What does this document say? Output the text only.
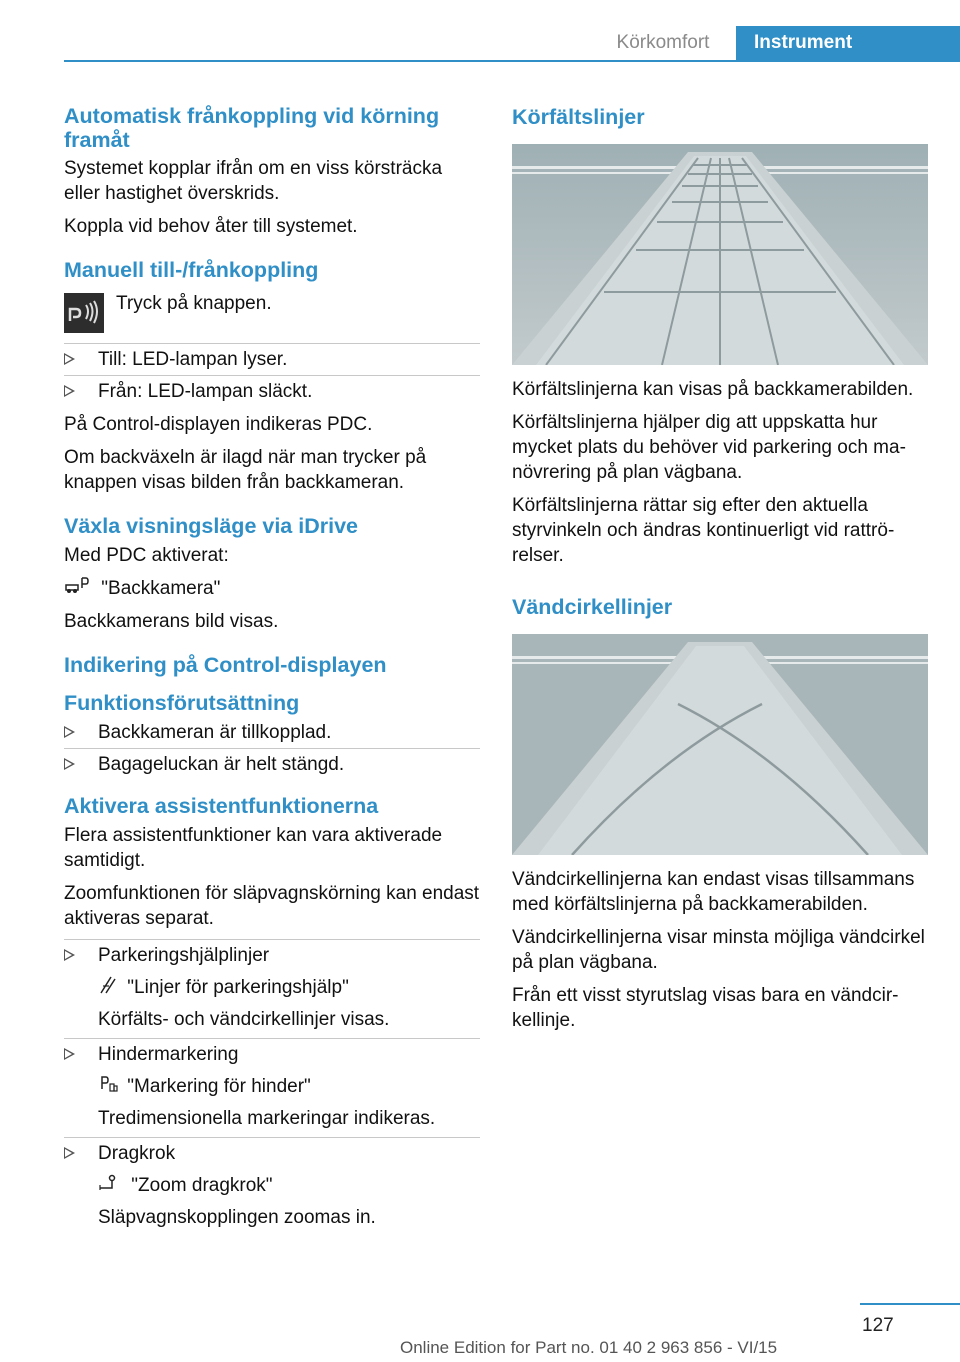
Körkomfort	Instrument
Automatisk frånkoppling vid körning framåt

Systemet kopplar ifrån om en viss körsträcka eller hastighet överskrids.

Koppla vid behov åter till systemet.

Manuell till-/frånkoppling
Tryck på knappen.
Till: LED-lampan lyser.
Från: LED-lampan släckt.

På Control-displayen indikeras PDC.

Om backväxeln är ilagd när man trycker på knappen visas bilden från backkameran.

Växla visningsläge via iDrive

Med PDC aktiverat:

"Backkamera"

Backkamerans bild visas.

Indikering på Control-displayen
Funktionsförutsättning
Backkameran är tillkopplad.
Bagageluckan är helt stängd.
Aktivera assistentfunktionerna

Flera assistentfunktioner kan vara aktiverade samtidigt.

Zoomfunktionen för släpvagnskörning kan endast aktiveras separat.

Parkeringshjälplinjer
"Linjer för parkeringshjälp"
Körfälts- och vändcirkellinjer visas.
Hindermarkering
"Markering för hinder"
Tredimensionella markeringar indikeras.
Dragkrok
"Zoom dragkrok"
Släpvagnskopplingen zoomas in.
Körfältslinjer

Körfältslinjerna kan visas på backkamerabilden.

Körfältslinjerna hjälper dig att uppskatta hur mycket plats du behöver vid parkering och manövrering på plan vägbana.

Körfältslinjerna rättar sig efter den aktuella styrvinkeln och ändras kontinuerligt vid rattrörelser.

Vändcirkellinjer

Vändcirkellinjerna kan endast visas tillsammans med körfältslinjerna på backkamerabilden.

Vändcirkellinjerna visar minsta möjliga vändcirkel på plan vägbana.

Från ett visst styrutslag visas bara en vändcirkellinje.

127
Online Edition for Part no. 01 40 2 963 856 - VI/15
